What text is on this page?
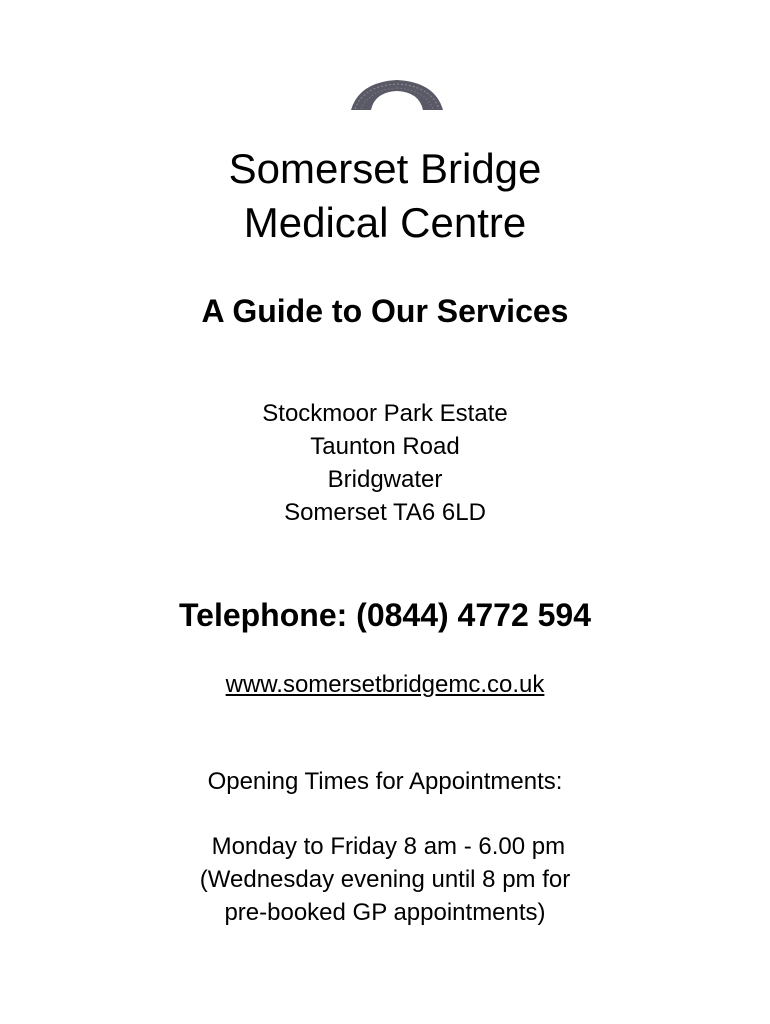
Somerset Bridge
Medical Centre
A Guide to Our Services
Stockmoor Park Estate
Taunton Road
Bridgwater
Somerset TA6 6LD
Telephone: (0844) 4772 594
www.somersetbridgemc.co.uk
Opening Times for Appointments:
Monday to Friday 8 am - 6.00 pm
(Wednesday evening until 8 pm for
pre-booked GP appointments)
